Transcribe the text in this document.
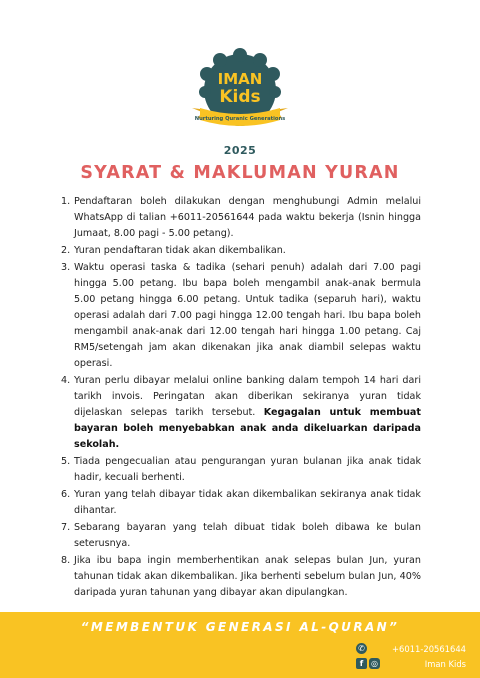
IMAN
Kids
Nurturing Quranic Generations
2025
SYARAT & MAKLUMAN YURAN
1. Pendaftaran boleh dilakukan dengan menghubungi Admin melalui WhatsApp di talian +6011-20561644 pada waktu bekerja (Isnin hingga Jumaat, 8.00 pagi - 5.00 petang).
2. Yuran pendaftaran tidak akan dikembalikan.
3. Waktu operasi taska & tadika (sehari penuh) adalah dari 7.00 pagi hingga 5.00 petang. Ibu bapa boleh mengambil anak-anak bermula 5.00 petang hingga 6.00 petang. Untuk tadika (separuh hari), waktu operasi adalah dari 7.00 pagi hingga 12.00 tengah hari. Ibu bapa boleh mengambil anak-anak dari 12.00 tengah hari hingga 1.00 petang. Caj RM5/setengah jam akan dikenakan jika anak diambil selepas waktu operasi.
4. Yuran perlu dibayar melalui online banking dalam tempoh 14 hari dari tarikh invois. Peringatan akan diberikan sekiranya yuran tidak dijelaskan selepas tarikh tersebut. Kegagalan untuk membuat bayaran boleh menyebabkan anak anda dikeluarkan daripada sekolah.
5. Tiada pengecualian atau pengurangan yuran bulanan jika anak tidak hadir, kecuali berhenti.
6. Yuran yang telah dibayar tidak akan dikembalikan sekiranya anak tidak dihantar.
7. Sebarang bayaran yang telah dibuat tidak boleh dibawa ke bulan seterusnya.
8. Jika ibu bapa ingin memberhentikan anak selepas bulan Jun, yuran tahunan tidak akan dikembalikan. Jika berhenti sebelum bulan Jun, 40% daripada yuran tahunan yang dibayar akan dipulangkan.
“MEMBENTUK GENERASI AL-QURAN”
✆	+6011-20561644
f ◎	Iman Kids
